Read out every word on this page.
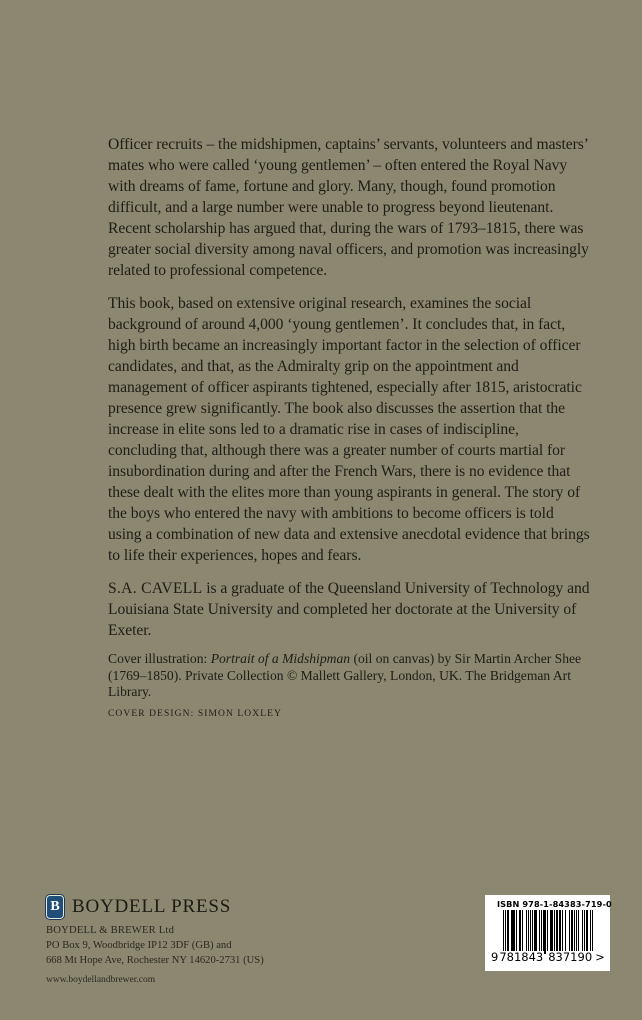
Officer recruits – the midshipmen, captains’ servants, volunteers and masters’ mates who were called ‘young gentlemen’ – often entered the Royal Navy with dreams of fame, fortune and glory. Many, though, found promotion difficult, and a large number were unable to progress beyond lieutenant. Recent scholarship has argued that, during the wars of 1793–1815, there was greater social diversity among naval officers, and promotion was increasingly related to professional competence.

This book, based on extensive original research, examines the social background of around 4,000 ‘young gentlemen’. It concludes that, in fact, high birth became an increasingly important factor in the selection of officer candidates, and that, as the Admiralty grip on the appointment and management of officer aspirants tightened, especially after 1815, aristocratic presence grew significantly. The book also discusses the assertion that the increase in elite sons led to a dramatic rise in cases of indiscipline, concluding that, although there was a greater number of courts martial for insubordination during and after the French Wars, there is no evidence that these dealt with the elites more than young aspirants in general. The story of the boys who entered the navy with ambitions to become officers is told using a combination of new data and extensive anecdotal evidence that brings to life their experiences, hopes and fears.

S.A. CAVELL is a graduate of the Queensland University of Technology and Louisiana State University and completed her doctorate at the University of Exeter.

Cover illustration: Portrait of a Midshipman (oil on canvas) by Sir Martin Archer Shee (1769–1850). Private Collection © Mallett Gallery, London, UK. The Bridgeman Art Library.

COVER DESIGN: SIMON LOXLEY

B BOYDELL PRESS
BOYDELL & BREWER Ltd
PO Box 9, Woodbridge IP12 3DF (GB) and
668 Mt Hope Ave, Rochester NY 14620-2731 (US)
www.boydellandbrewer.com
ISBN 978-1-84383-719-0
9 781843 837190 >
